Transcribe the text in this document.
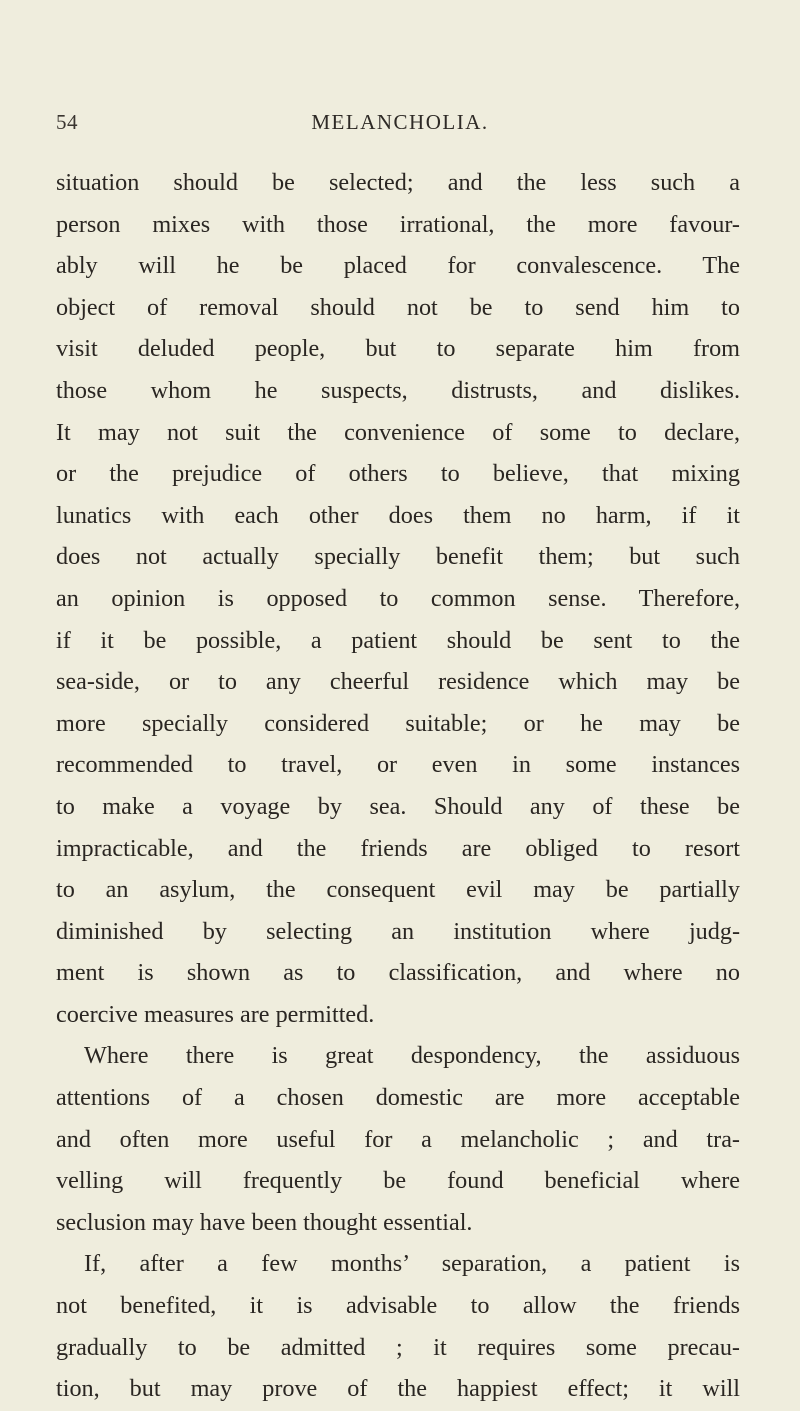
54	MELANCHOLIA.
situation should be selected; and the less such a
person mixes with those irrational, the more favour-
ably will he be placed for convalescence. The
object of removal should not be to send him to
visit deluded people, but to separate him from
those whom he suspects, distrusts, and dislikes.
It may not suit the convenience of some to declare,
or the prejudice of others to believe, that mixing
lunatics with each other does them no harm, if it
does not actually specially benefit them; but such
an opinion is opposed to common sense. Therefore,
if it be possible, a patient should be sent to the
sea-side, or to any cheerful residence which may be
more specially considered suitable; or he may be
recommended to travel, or even in some instances
to make a voyage by sea. Should any of these be
impracticable, and the friends are obliged to resort
to an asylum, the consequent evil may be partially
diminished by selecting an institution where judg-
ment is shown as to classification, and where no
coercive measures are permitted.
Where there is great despondency, the assiduous
attentions of a chosen domestic are more acceptable
and often more useful for a melancholic ; and tra-
velling will frequently be found beneficial where
seclusion may have been thought essential.
If, after a few months’ separation, a patient is
not benefited, it is advisable to allow the friends
gradually to be admitted ; it requires some precau-
tion, but may prove of the happiest effect; it will
